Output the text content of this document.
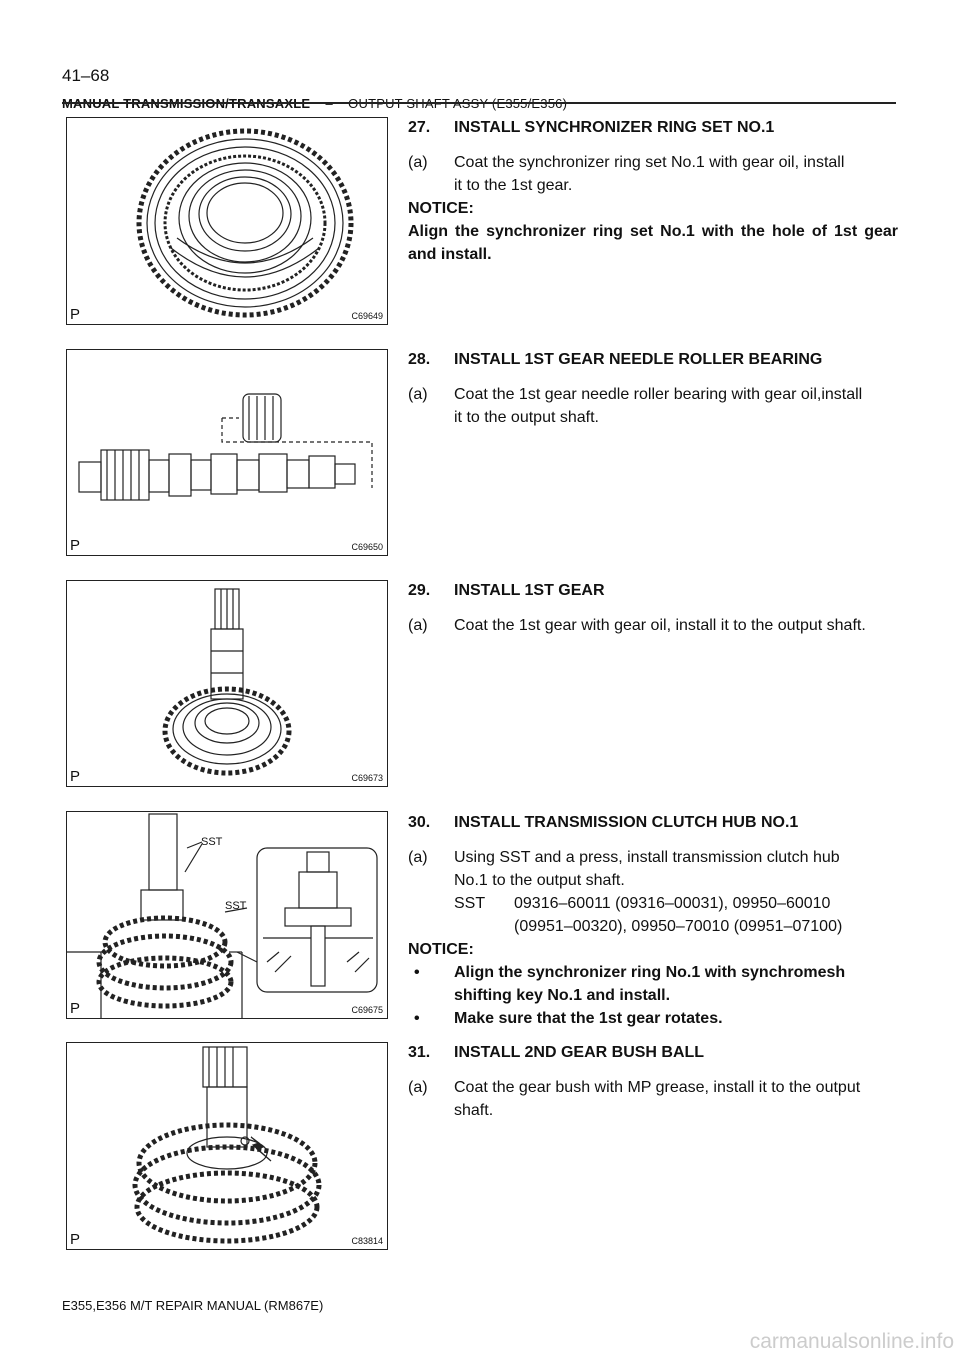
41–68
MANUAL TRANSMISSION/TRANSAXLE – OUTPUT SHAFT ASSY (E355/E356)
P	C69649
P	C69650
P	C69673
SST
SST
P	C69675
P	C83814
27. INSTALL SYNCHRONIZER RING SET NO.1
(a)	Coat the synchronizer ring set No.1 with gear oil, install
it to the 1st gear.
NOTICE:
Align the synchronizer ring set No.1 with the hole of 1st gear and install.
28. INSTALL 1ST GEAR NEEDLE ROLLER BEARING
(a)	Coat the 1st gear needle roller bearing with gear oil,install
it to the output shaft.
29. INSTALL 1ST GEAR
(a)	Coat the 1st gear with gear oil, install it to the output shaft.
30. INSTALL TRANSMISSION CLUTCH HUB NO.1
(a)	Using SST and a press, install transmission clutch hub
No.1 to the output shaft.
SST	09316–60011 (09316–00031), 09950–60010
(09951–00320), 09950–70010 (09951–07100)
NOTICE:
•	Align the synchronizer ring No.1 with synchromesh
shifting key No.1 and install.
•	Make sure that the 1st gear rotates.
31. INSTALL 2ND GEAR BUSH BALL
(a)	Coat the gear bush with MP grease, install it to the output
shaft.
E355,E356 M/T REPAIR MANUAL (RM867E)
carmanualsonline.info
